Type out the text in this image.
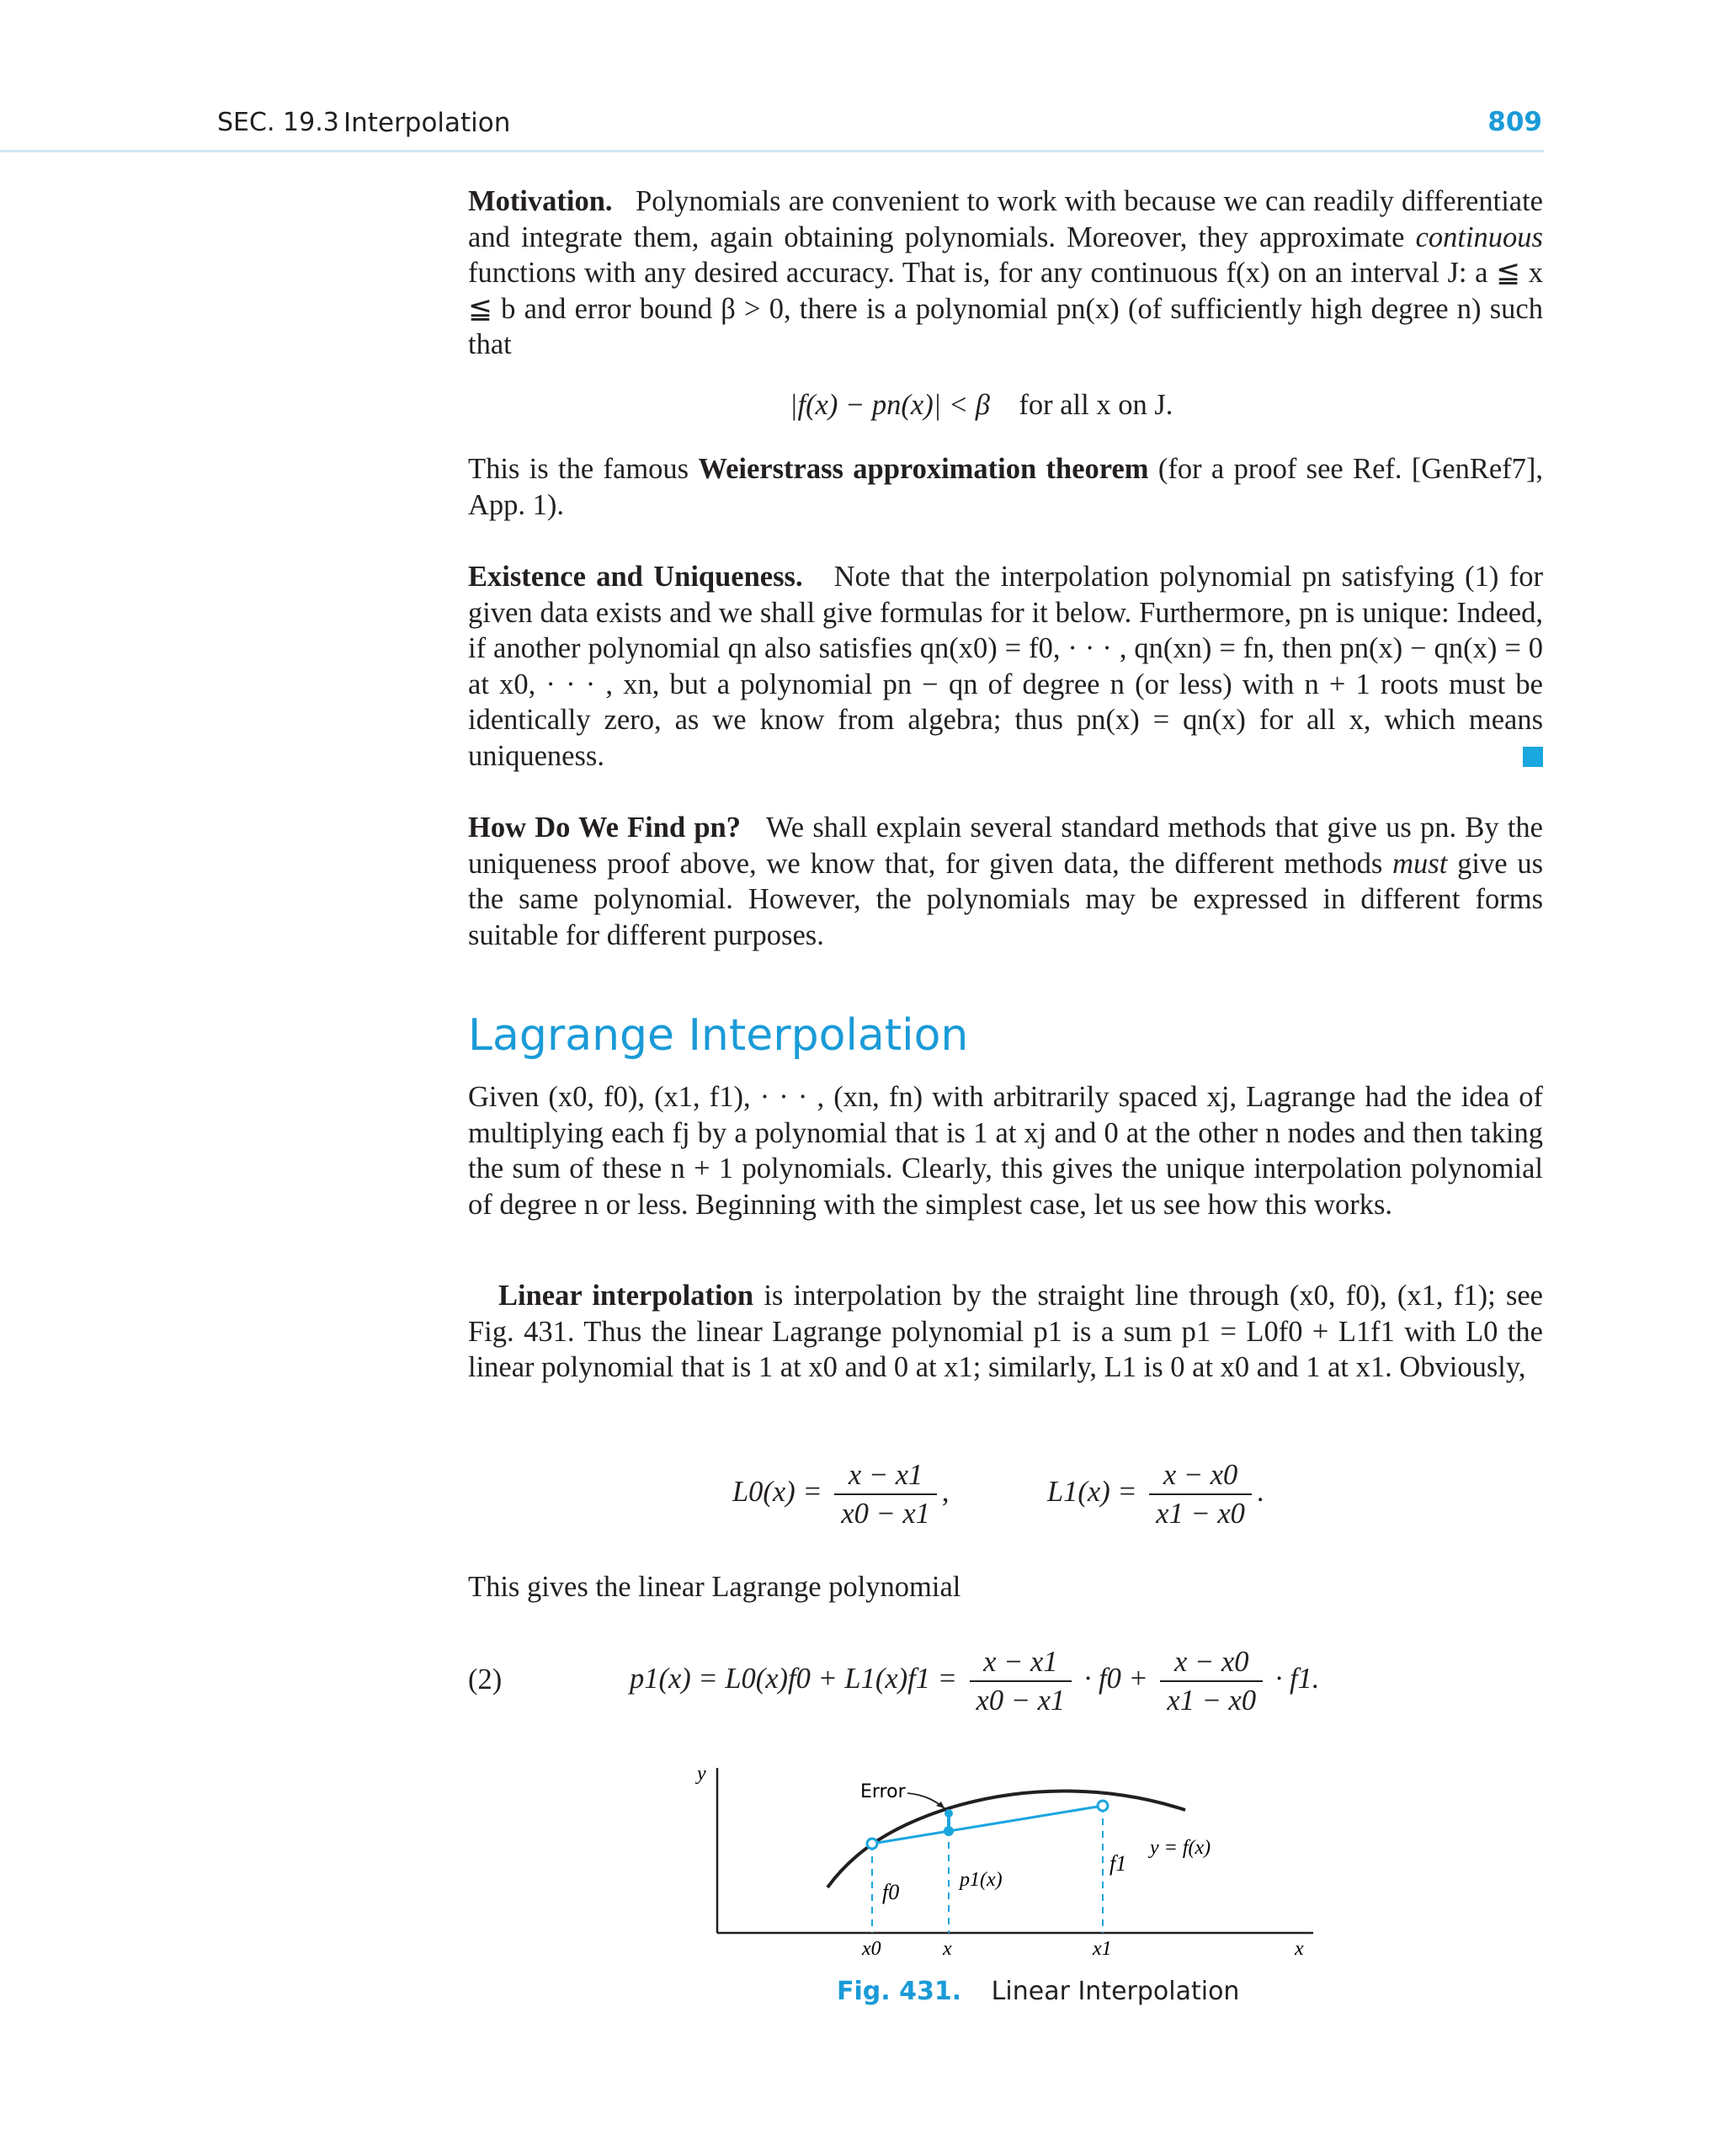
SEC. 19.3 Interpolation	809

Motivation. Polynomials are convenient to work with because we can readily differentiate and integrate them, again obtaining polynomials. Moreover, they approximate continuous functions with any desired accuracy. That is, for any continuous f(x) on an interval J: a ≦ x ≦ b and error bound β > 0, there is a polynomial pn(x) (of sufficiently high degree n) such that

|f(x) − pn(x)| < β for all x on J.

This is the famous Weierstrass approximation theorem (for a proof see Ref. [GenRef7], App. 1).

Existence and Uniqueness. Note that the interpolation polynomial pn satisfying (1) for given data exists and we shall give formulas for it below. Furthermore, pn is unique: Indeed, if another polynomial qn also satisfies qn(x0) = f0, · · · , qn(xn) = fn, then pn(x) − qn(x) = 0 at x0, · · · , xn, but a polynomial pn − qn of degree n (or less) with n + 1 roots must be identically zero, as we know from algebra; thus pn(x) = qn(x) for all x, which means uniqueness.

How Do We Find pn? We shall explain several standard methods that give us pn. By the uniqueness proof above, we know that, for given data, the different methods must give us the same polynomial. However, the polynomials may be expressed in different forms suitable for different purposes.

Lagrange Interpolation

Given (x0, f0), (x1, f1), · · · , (xn, fn) with arbitrarily spaced xj, Lagrange had the idea of multiplying each fj by a polynomial that is 1 at xj and 0 at the other n nodes and then taking the sum of these n + 1 polynomials. Clearly, this gives the unique interpolation polynomial of degree n or less. Beginning with the simplest case, let us see how this works.

Linear interpolation is interpolation by the straight line through (x0, f0), (x1, f1); see Fig. 431. Thus the linear Lagrange polynomial p1 is a sum p1 = L0f0 + L1f1 with L0 the linear polynomial that is 1 at x0 and 0 at x1; similarly, L1 is 0 at x0 and 1 at x1. Obviously,

$L0(x) = \frac{x - x1}{x0 - x1}$ ,	$L1(x) = \frac{x - x0}{x1 - x0}$ .

This gives the linear Lagrange polynomial

(2)	$p1(x) = L0(x)f0 + L1(x)f1 = \frac{x - x1}{x0 - x1} \cdot f0 + \frac{x - x0}{x1 - x0} \cdot f1$.
y
x
Error
y = f(x)
f0	p1(x)
f1
x0	x	x1
Fig. 431. Linear Interpolation
